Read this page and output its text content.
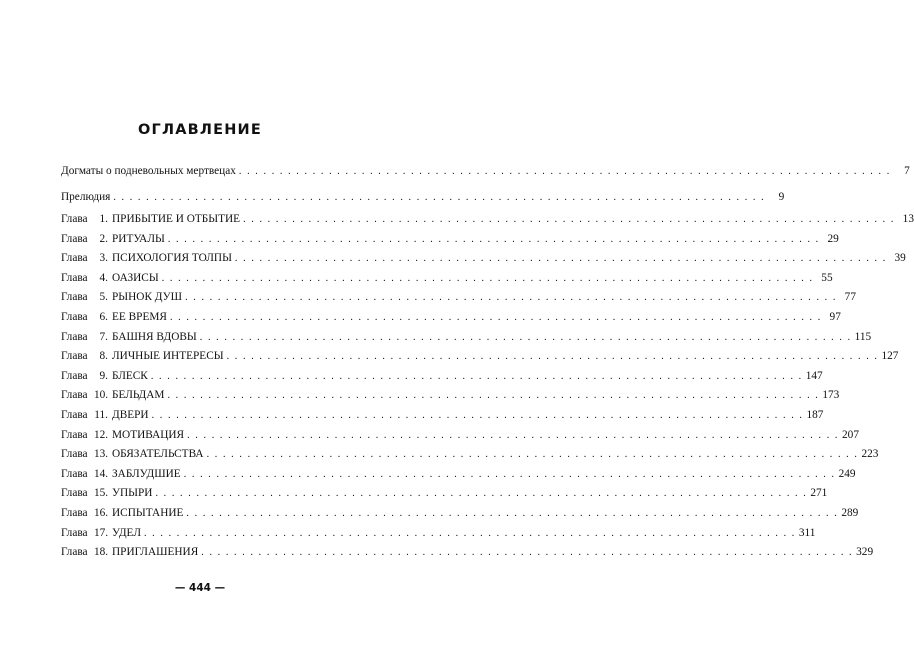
ОГЛАВЛЕНИЕ
Догматы о подневольных мертвецах . . . . . . . . . . . . . . . . . . . . . . . . . . . . . . . . . . . . . . . . . . . . . . . . . . . . . . . . . . . . . . . . . . . . . . . . . . . . . . . .	7
Прелюдия . . . . . . . . . . . . . . . . . . . . . . . . . . . . . . . . . . . . . . . . . . . . . . . . . . . . . . . . . . . . . . . . . . . . . . . . . . . . . . . .	9
Глава	1. ПРИБЫТИЕ И ОТБЫТИЕ . . . . . . . . . . . . . . . . . . . . . . . . . . . . . . . . . . . . . . . . . . . . . . . . . . . . . . . . . . . . . . . . . . . . . . . . . . . . . . . . 13
Глава	2. РИТУАЛЫ . . . . . . . . . . . . . . . . . . . . . . . . . . . . . . . . . . . . . . . . . . . . . . . . . . . . . . . . . . . . . . . . . . . . . . . . . . . . . . . . 29
Глава	3. ПСИХОЛОГИЯ ТОЛПЫ . . . . . . . . . . . . . . . . . . . . . . . . . . . . . . . . . . . . . . . . . . . . . . . . . . . . . . . . . . . . . . . . . . . . . . . . . . . . . . . . 39
Глава	4. ОАЗИСЫ . . . . . . . . . . . . . . . . . . . . . . . . . . . . . . . . . . . . . . . . . . . . . . . . . . . . . . . . . . . . . . . . . . . . . . . . . . . . . . . . 55
Глава	5. РЫНОК ДУШ . . . . . . . . . . . . . . . . . . . . . . . . . . . . . . . . . . . . . . . . . . . . . . . . . . . . . . . . . . . . . . . . . . . . . . . . . . . . . . . . 77
Глава	6. ЕЕ ВРЕМЯ . . . . . . . . . . . . . . . . . . . . . . . . . . . . . . . . . . . . . . . . . . . . . . . . . . . . . . . . . . . . . . . . . . . . . . . . . . . . . . . . 97
Глава	7. БАШНЯ ВДОВЫ . . . . . . . . . . . . . . . . . . . . . . . . . . . . . . . . . . . . . . . . . . . . . . . . . . . . . . . . . . . . . . . . . . . . . . . . . . . . . . . . 115
Глава	8. ЛИЧНЫЕ ИНТЕРЕСЫ . . . . . . . . . . . . . . . . . . . . . . . . . . . . . . . . . . . . . . . . . . . . . . . . . . . . . . . . . . . . . . . . . . . . . . . . . . . . . . . . 127
Глава	9. БЛЕСК . . . . . . . . . . . . . . . . . . . . . . . . . . . . . . . . . . . . . . . . . . . . . . . . . . . . . . . . . . . . . . . . . . . . . . . . . . . . . . . . 147
Глава 10. БЕЛЬДАМ . . . . . . . . . . . . . . . . . . . . . . . . . . . . . . . . . . . . . . . . . . . . . . . . . . . . . . . . . . . . . . . . . . . . . . . . . . . . . . . . 173
Глава 11. ДВЕРИ . . . . . . . . . . . . . . . . . . . . . . . . . . . . . . . . . . . . . . . . . . . . . . . . . . . . . . . . . . . . . . . . . . . . . . . . . . . . . . . . 187
Глава 12. МОТИВАЦИЯ . . . . . . . . . . . . . . . . . . . . . . . . . . . . . . . . . . . . . . . . . . . . . . . . . . . . . . . . . . . . . . . . . . . . . . . . . . . . . . . . 207
Глава 13. ОБЯЗАТЕЛЬСТВА . . . . . . . . . . . . . . . . . . . . . . . . . . . . . . . . . . . . . . . . . . . . . . . . . . . . . . . . . . . . . . . . . . . . . . . . . . . . . . . . 223
Глава 14. ЗАБЛУДШИЕ . . . . . . . . . . . . . . . . . . . . . . . . . . . . . . . . . . . . . . . . . . . . . . . . . . . . . . . . . . . . . . . . . . . . . . . . . . . . . . . . 249
Глава 15. УПЫРИ . . . . . . . . . . . . . . . . . . . . . . . . . . . . . . . . . . . . . . . . . . . . . . . . . . . . . . . . . . . . . . . . . . . . . . . . . . . . . . . . 271
Глава 16. ИСПЫТАНИЕ . . . . . . . . . . . . . . . . . . . . . . . . . . . . . . . . . . . . . . . . . . . . . . . . . . . . . . . . . . . . . . . . . . . . . . . . . . . . . . . . 289
Глава 17. УДЕЛ . . . . . . . . . . . . . . . . . . . . . . . . . . . . . . . . . . . . . . . . . . . . . . . . . . . . . . . . . . . . . . . . . . . . . . . . . . . . . . . . 311
Глава 18. ПРИГЛАШЕНИЯ . . . . . . . . . . . . . . . . . . . . . . . . . . . . . . . . . . . . . . . . . . . . . . . . . . . . . . . . . . . . . . . . . . . . . . . . . . . . . . . . 329
— 444 —
